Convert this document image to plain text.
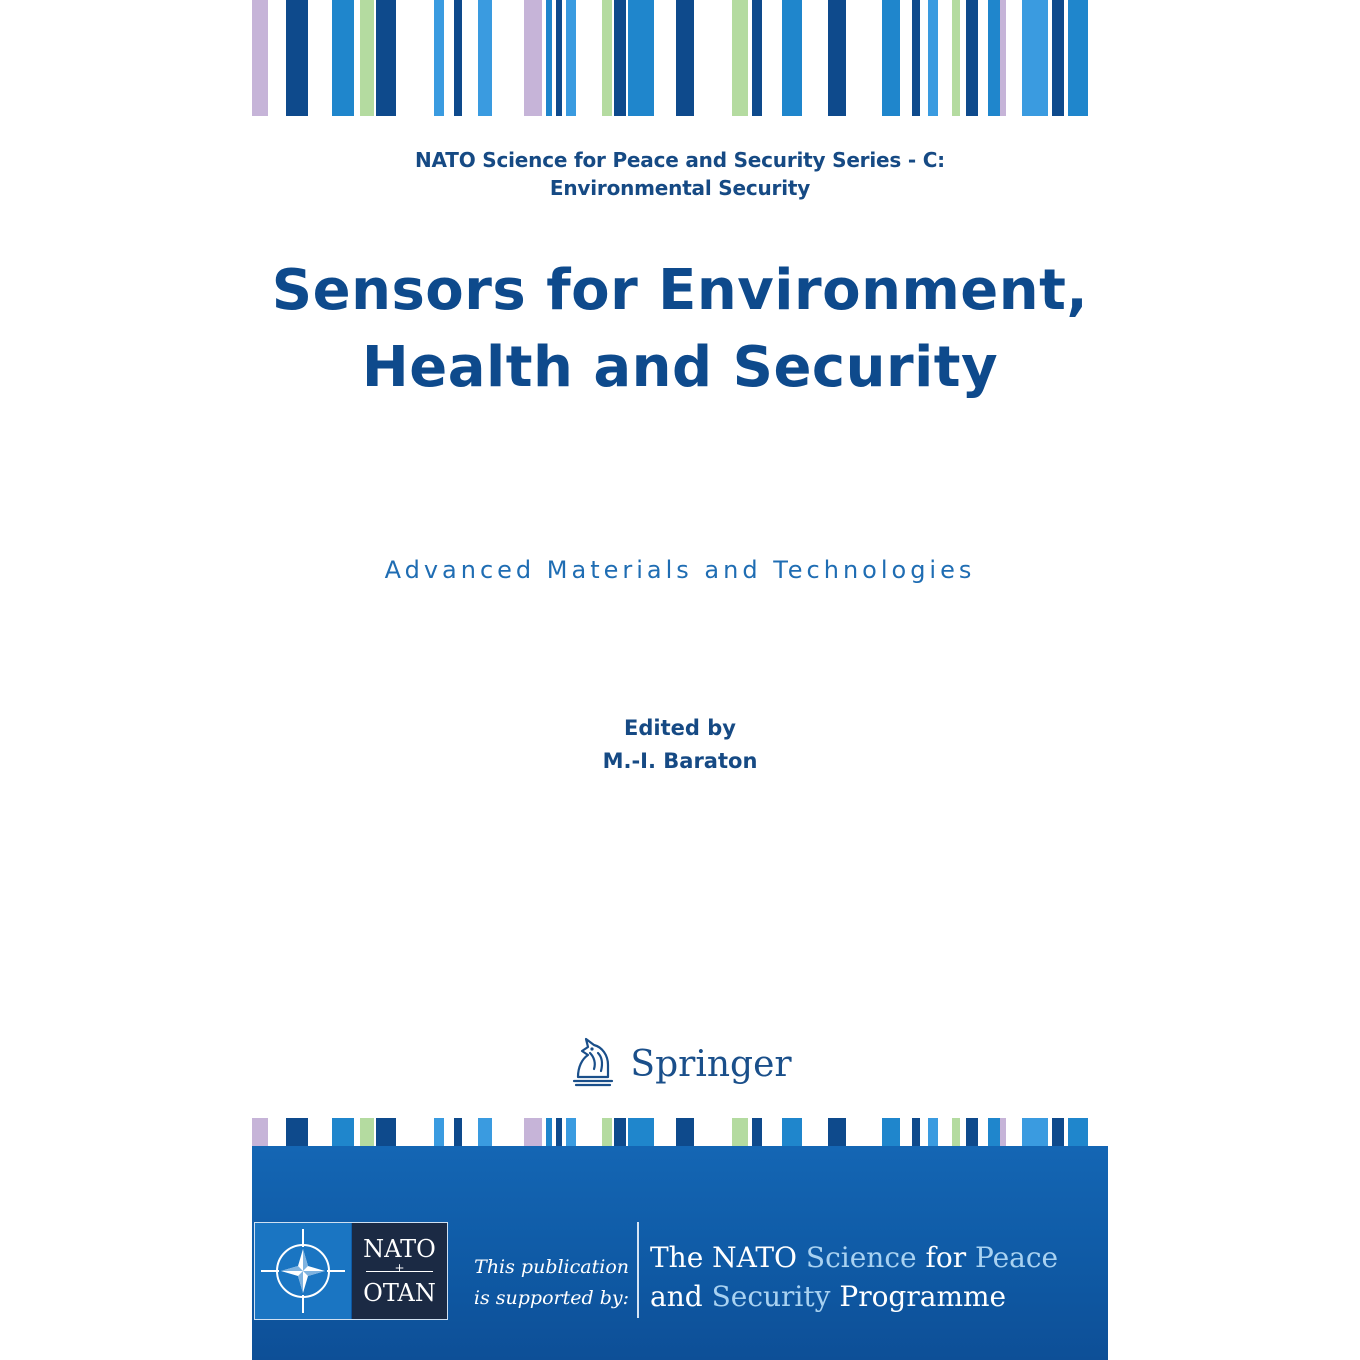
NATO Science for Peace and Security Series - C:
Environmental Security
Sensors for Environment,
Health and Security
Advanced Materials and Technologies
Edited by
M.-I. Baraton
Springer
NATO
+
OTAN
This publication
is supported by:
The NATO Science for Peace
and Security Programme
